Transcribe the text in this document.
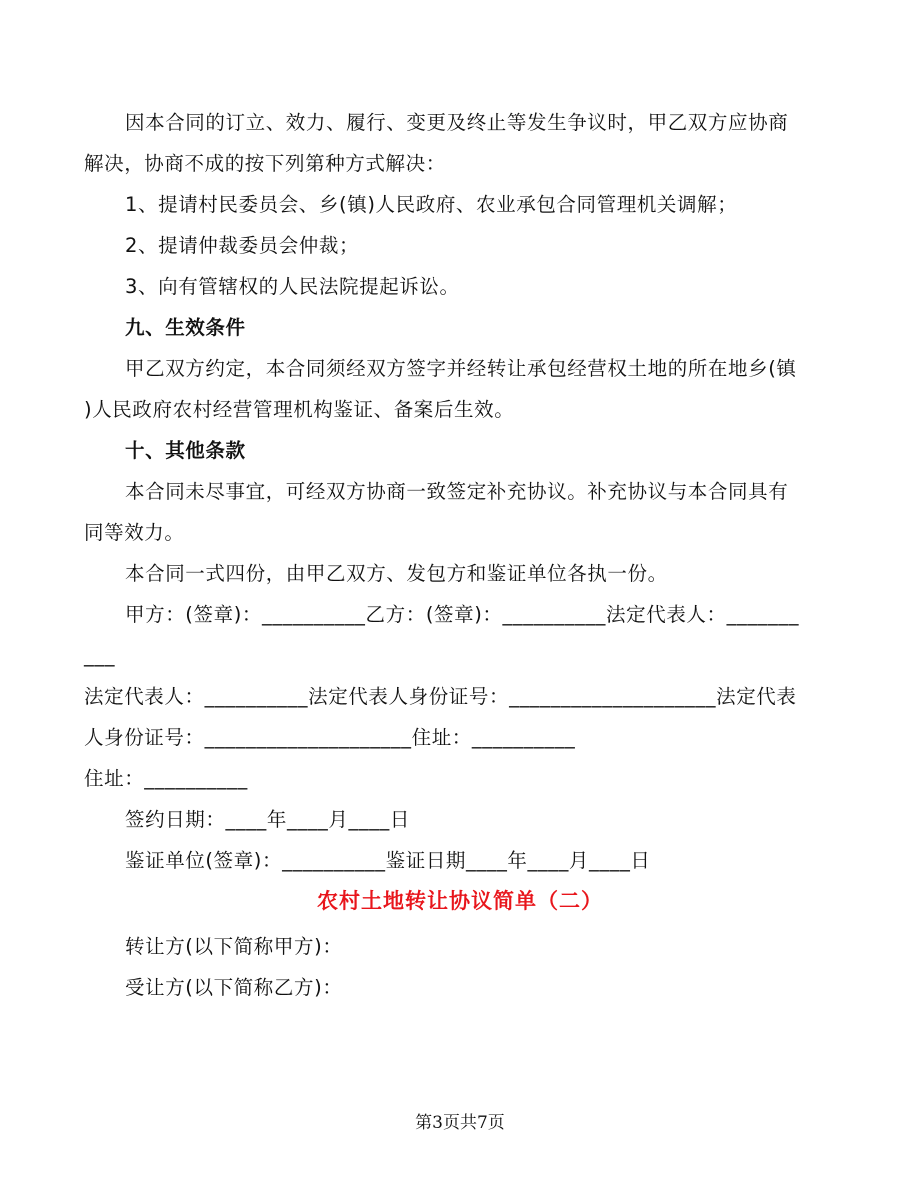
因本合同的订立、效力、履行、变更及终止等发生争议时，甲乙双方应协商
解决，协商不成的按下列第种方式解决：
1、提请村民委员会、乡(镇)人民政府、农业承包合同管理机关调解；
2、提请仲裁委员会仲裁；
3、向有管辖权的人民法院提起诉讼。
九、生效条件
甲乙双方约定，本合同须经双方签字并经转让承包经营权土地的所在地乡(镇
)人民政府农村经营管理机构鉴证、备案后生效。
十、其他条款
本合同未尽事宜，可经双方协商一致签定补充协议。补充协议与本合同具有
同等效力。
本合同一式四份，由甲乙双方、发包方和鉴证单位各执一份。
甲方：(签章)：__________乙方：(签章)：__________法定代表人：_______
___
法定代表人：__________法定代表人身份证号：____________________法定代表
人身份证号：____________________住址：__________
住址：__________
签约日期：____年____月____日
鉴证单位(签章)：__________鉴证日期____年____月____日
农村土地转让协议简单（二）
转让方(以下简称甲方)：
受让方(以下简称乙方)：
第3页共7页
